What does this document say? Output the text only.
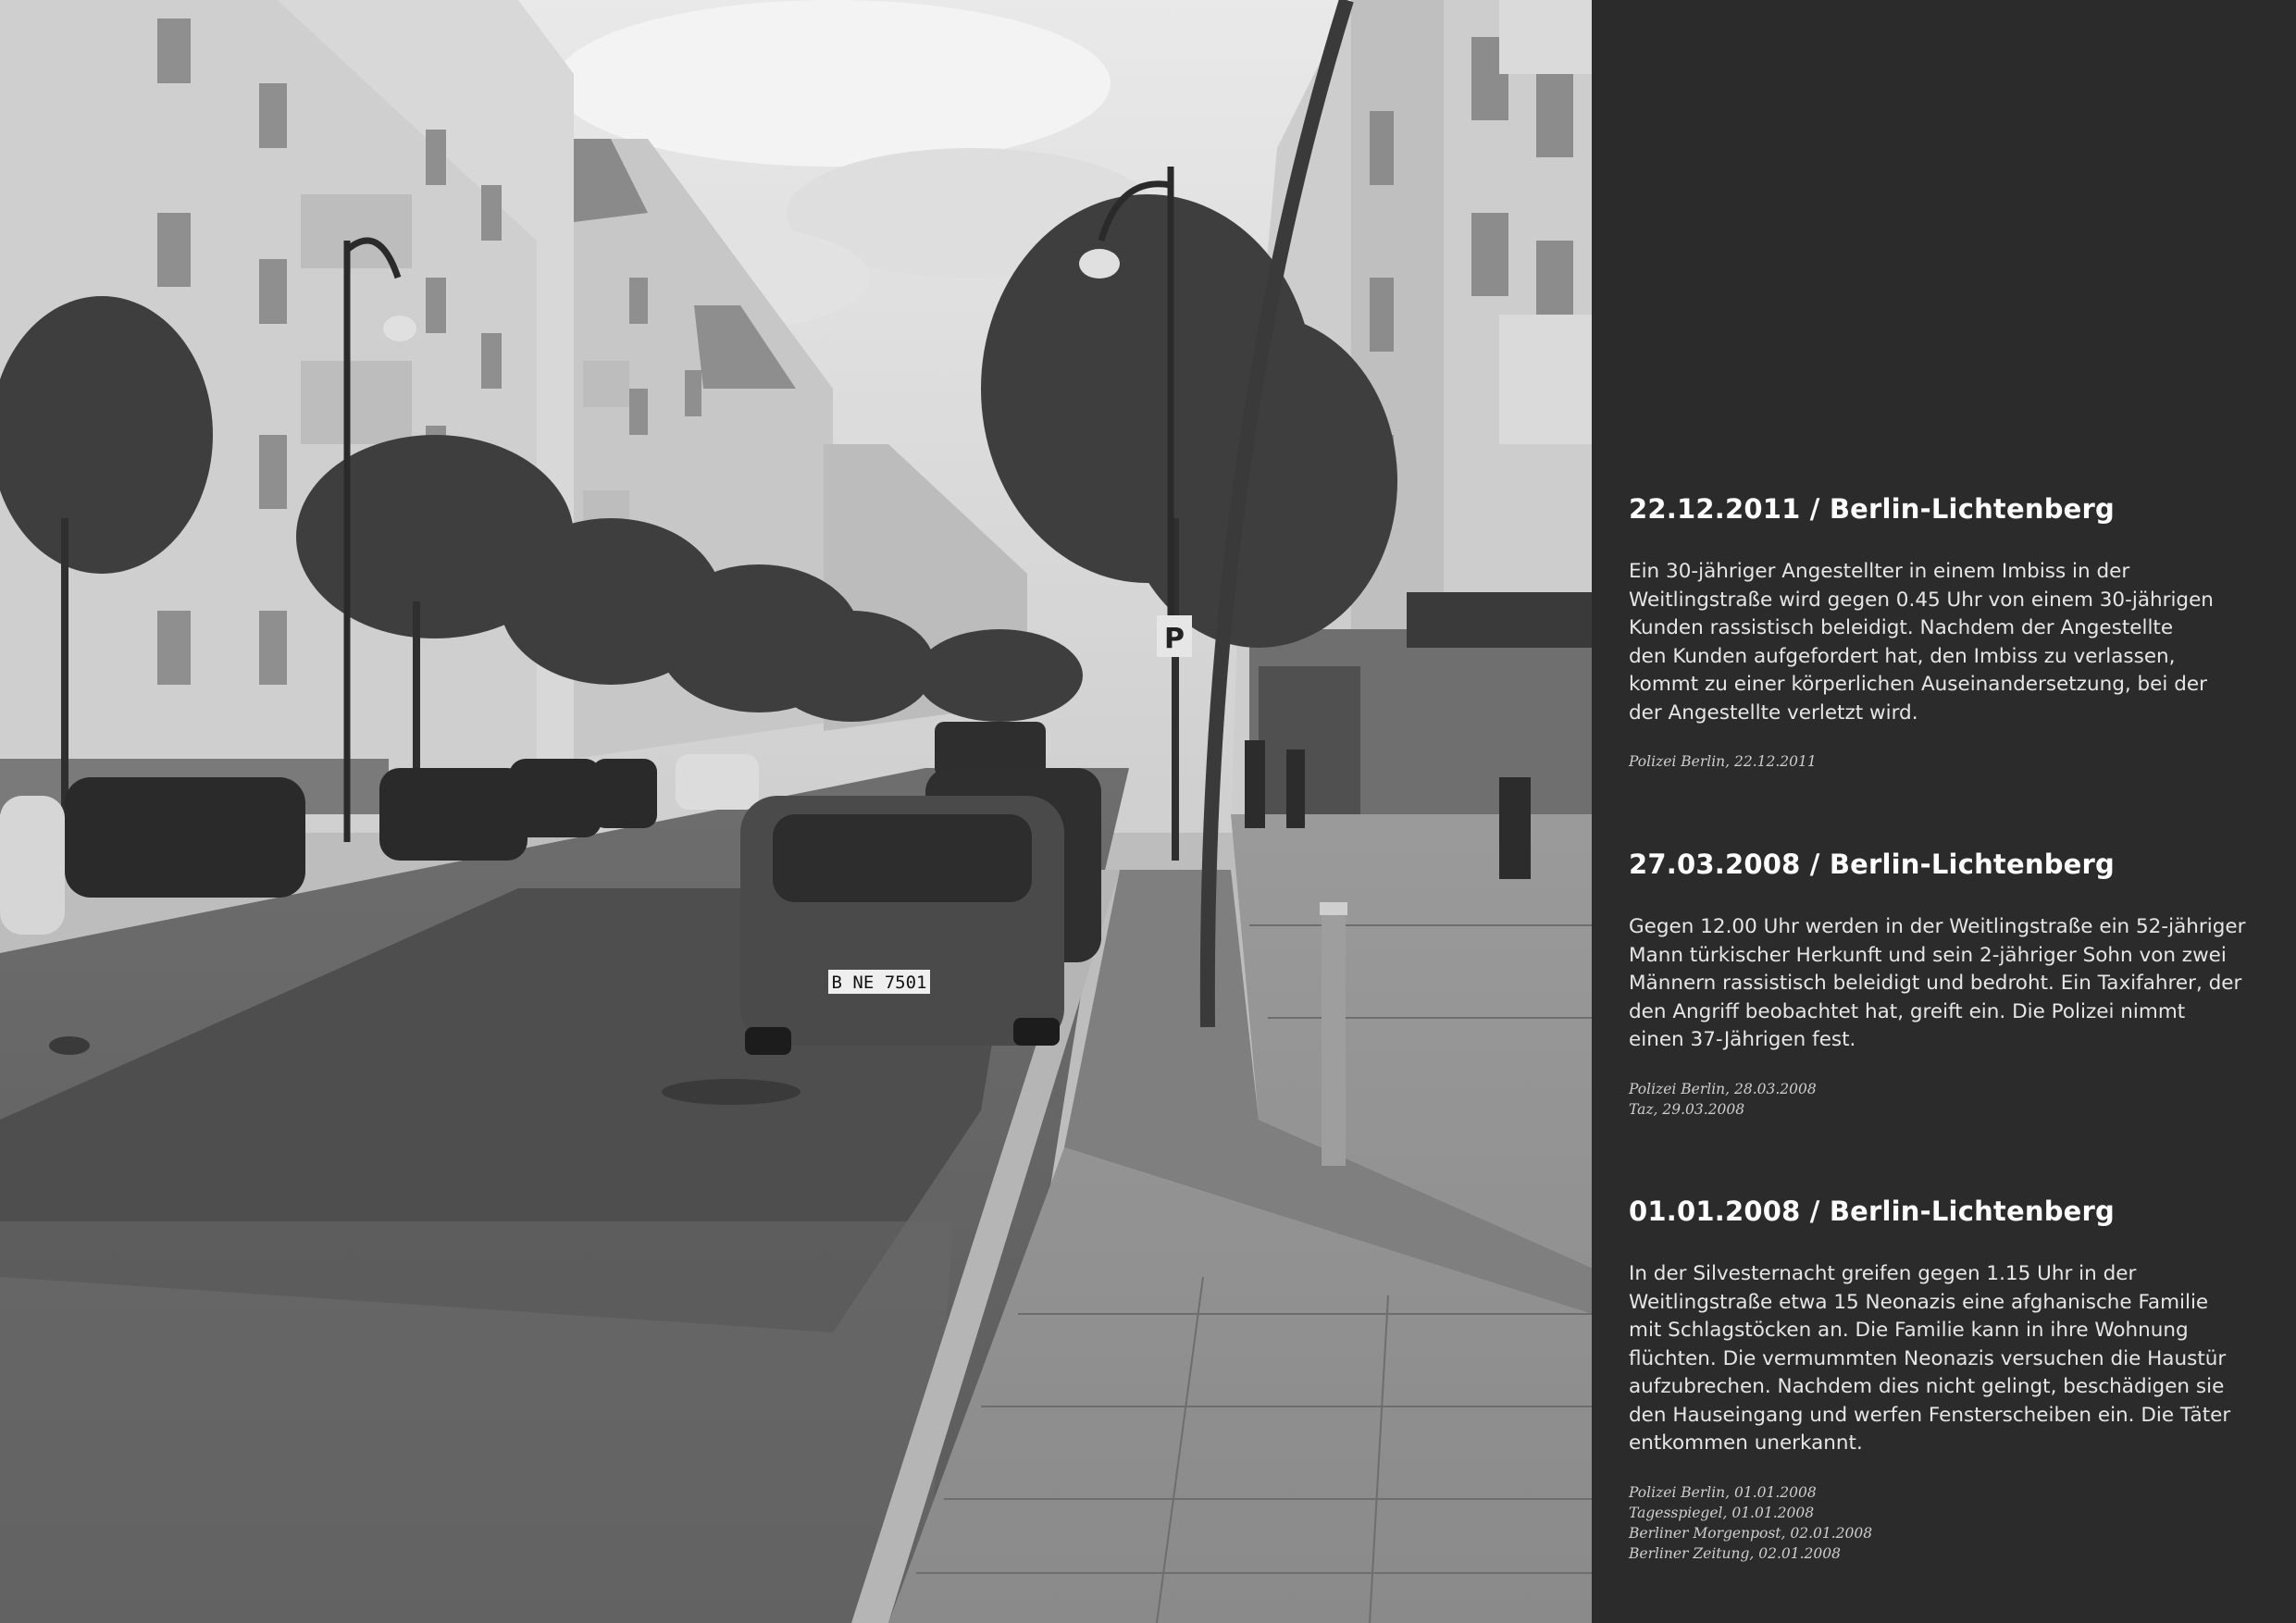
B NE 7501
P
22.12.2011 / Berlin-Lichtenberg

Ein 30-jähriger Angestellter in einem Imbiss in der
Weitlingstraße wird gegen 0.45 Uhr von einem 30-jährigen
Kunden rassistisch beleidigt. Nachdem der Angestellte
den Kunden aufgefordert hat, den Imbiss zu verlassen,
kommt zu einer körperlichen Auseinandersetzung, bei der
der Angestellte verletzt wird.

Polizei Berlin, 22.12.2011
27.03.2008 / Berlin-Lichtenberg

Gegen 12.00 Uhr werden in der Weitlingstraße ein 52-jähriger
Mann türkischer Herkunft und sein 2-jähriger Sohn von zwei
Männern rassistisch beleidigt und bedroht. Ein Taxifahrer, der
den Angriff beobachtet hat, greift ein. Die Polizei nimmt
einen 37-Jährigen fest.

Polizei Berlin, 28.03.2008
Taz, 29.03.2008
01.01.2008 / Berlin-Lichtenberg

In der Silvesternacht greifen gegen 1.15 Uhr in der
Weitlingstraße etwa 15 Neonazis eine afghanische Familie
mit Schlagstöcken an. Die Familie kann in ihre Wohnung
flüchten. Die vermummten Neonazis versuchen die Haustür
aufzubrechen. Nachdem dies nicht gelingt, beschädigen sie
den Hauseingang und werfen Fensterscheiben ein. Die Täter
entkommen unerkannt.

Polizei Berlin, 01.01.2008
Tagesspiegel, 01.01.2008
Berliner Morgenpost, 02.01.2008
Berliner Zeitung, 02.01.2008
